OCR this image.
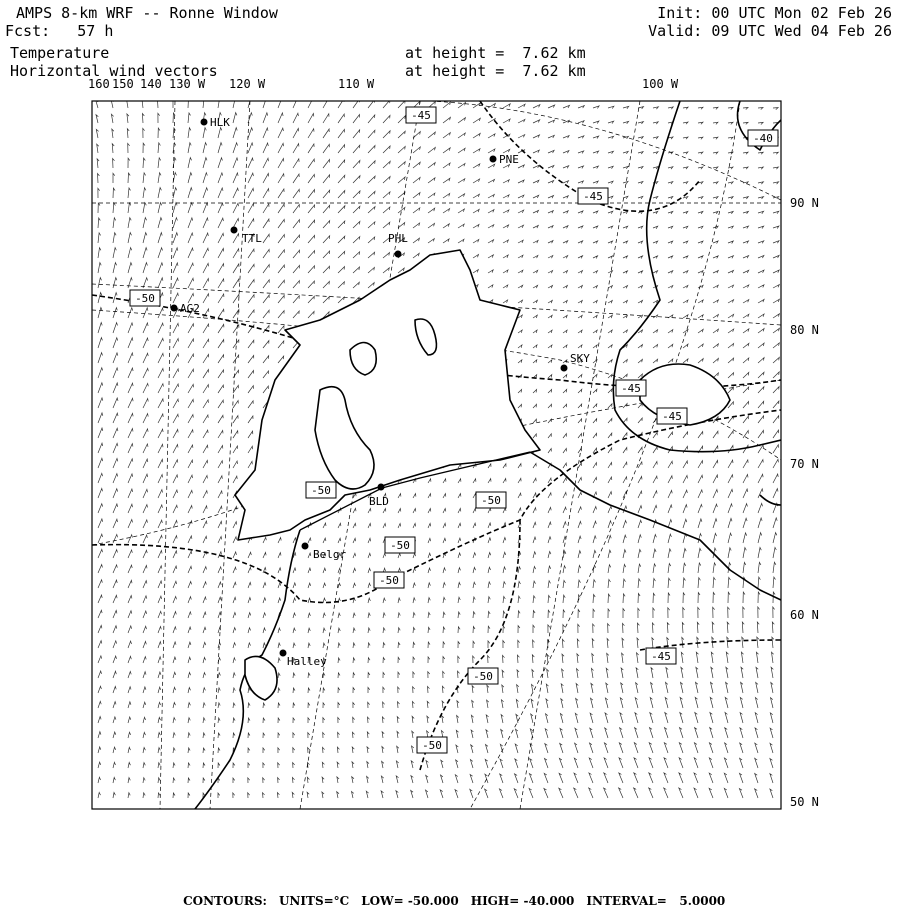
AMPS 8-km WRF -- Ronne Window
Fcst:   57 h
Init: 00 UTC Mon 02 Feb 26
Valid: 09 UTC Wed 04 Feb 26
Temperature
Horizontal wind vectors
at height =  7.62 km
at height =  7.62 km
160 150 140 130 W 120 W	110 W	100 W
90 N
80 N
70 N
60 N
50 N
HLK
PNE
TTL	PHL
AG2
SKY
BLD
Belgr
Halley
-45
-40
-45
-50
-45
-45
-50
-50
-50
-50
-45
-50
-50

CONTOURS: UNITS=°C LOW= -50.000 HIGH= -40.000 INTERVAL=   5.0000
